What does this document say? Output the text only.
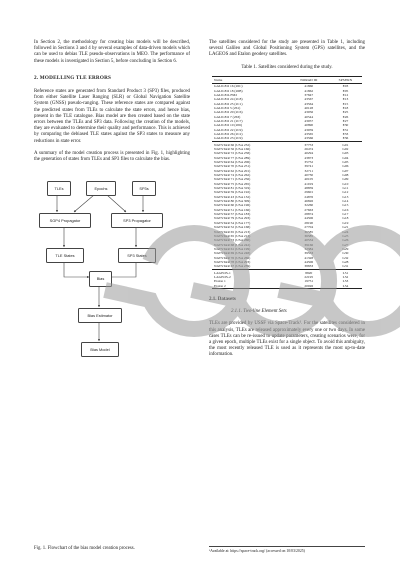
In Section 2, the methodology for creating bias models will be described, followed in Sections 3 and 4 by several examples of data-driven models which can be used to debias TLE pseudo-observations in MEO. The performance of these models is investigated in Section 5, before concluding in Section 6.

2. MODELLING TLE ERRORS

Reference states are generated from Standard Product 3 (SP3) files, produced from either Satellite Laser Ranging (SLR) or Global Navigation Satellite System (GNSS) pseudo-ranging. These reference states are compared against the predicted states from TLEs to calculate the state errors, and hence bias, present in the TLE catalogue. Bias model are then created based on the state errors between the TLEs and SP3 data. Following the creation of the models, they are evaluated to determine their quality and performance. This is achieved by comparing the debiased TLE states against the SP3 states to measure any reductions in state error.

A summary of the model creation process is presented in Fig. 1, highlighting the generation of states from TLEs and SP3 files to calculate the bias.

TLEs	Epochs	SP3s
SGP4 Propagator	SP3 Propagator
TLE States	SP3 States
Bias
Bias Estimator
Bias Model
Fig. 1. Flowchart of the bias model creation process.

The satellites considered for the study are presented in Table 1, including several Galileo and Global Positioning System (GPS) satellites, and the LAGEOS and Etalon geodesy satellites.

Table 1. Satellites considered during the study.
Name	NORAD ID	SP3/PRN
GALILEO 16 (26C)	41860	E03
GALILEO 18 (26B)	41862	E05
GALILEO-FM2	37847	E12
GALILEO 24 (2C8)	43567	E13
GALILEO 25 (2C1)	43564	E15
GALILEO 5 (261)	40128	E18
GALILEO 20 (2C6)	43056	E25
GALILEO 7 (263)	40544	E26
GALILEO 21 (2C7)	43057	E27
GALILEO 10 (206)	40890	E30
GALILEO 22 (2C9)	43059	E31
GALILEO 26 (2C2)	43565	E33
GALILEO 23 (2C9)	43566	E36
NAVSTAR 66 (USA 232)	37753	G01
NAVSTAR 56 (USA 166)	26474	G02
NAVSTAR 72 (USA 258)	40294	G03
NAVSTAR 77 (USA 289)	43873	G04
NAVSTAR 64 (USA 206)	35752	G05
NAVSTAR 70 (USA 251)	39741	G06
NAVSTAR 62 (USA 201)	32711	G07
NAVSTAR 74 (USA 262)	40730	G08
NAVSTAR 71 (USA 256)	40105	G09
NAVSTAR 75 (USA 265)	41019	G10
NAVSTAR 81 (USA 319)	48859	G11
NAVSTAR 59 (USA 192)	29601	G12
NAVSTAR 43 (USA 132)	24876	G13
NAVSTAR 80 (USA 309)	46826	G14
NAVSTAR 60 (USA 196)	32260	G15
NAVSTAR 51 (USA 166)	27663	G16
NAVSTAR 57 (USA 183)	28874	G17
NAVSTAR 79 (USA 293)	44506	G18
NAVSTAR 54 (USA 177)	28190	G19
NAVSTAR 52 (USA 168)	27704	G21
NAVSTAR 65 (USA 213)	36585	G24
NAVSTAR 65 (USA 213)	36585	G25
NAVSTAR 73 (USA 260)	40534	G26
NAVSTAR 68 (USA 242)	39166	G27
NAVSTAR 61 (USA 199)	32384	G29
NAVSTAR 69 (USA 248)	39533	G30
NAVSTAR 76 (USA 266)	41328	G32
NAVSTAR 78 (USA 293)	44506	G28
NAVSTAR 67 (USA 239)	38833	G31
LAGEOS-1	8820	L51
LAGEOS-2	22195	L52
Etalon 1	19751	L53
Etalon 2	20026	L54
2.1. Datasets
2.1.1. Two-line Element Sets

TLEs are provided by USSF via Space-Track¹. For the satellites considered in this analysis, TLEs are released approximately every one or two days. In some cases TLEs can be re-issued to update parameters, creating scenarios were, for a given epoch, multiple TLEs exist for a single object. To avoid this ambiguity, the most recently released TLE is used as it represents the most up-to-date information.

¹Available at: https://space-track.org/ (accessed on 10/03/2025)
